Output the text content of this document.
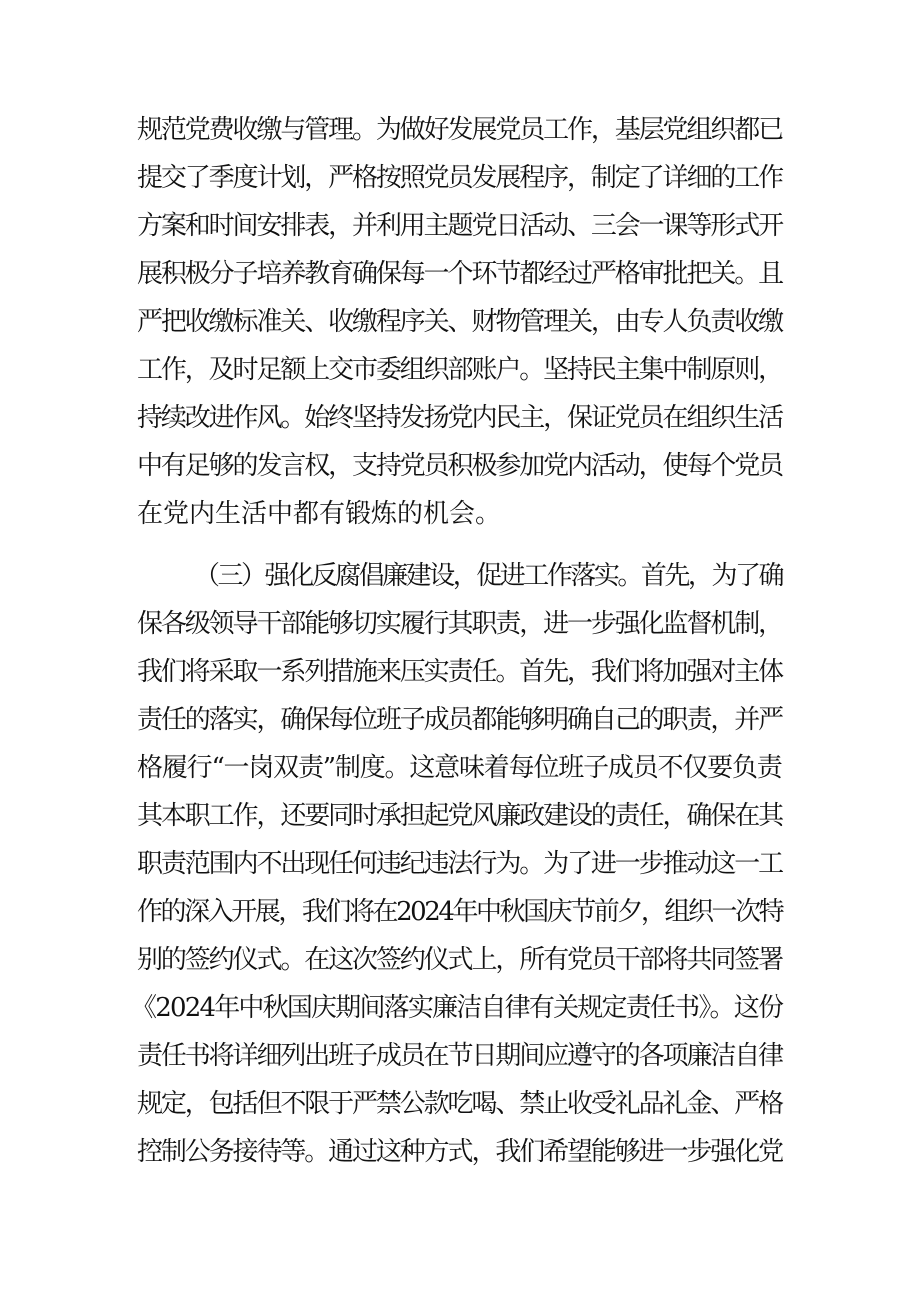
规范党费收缴与管理。为做好发展党员工作，基层党组织都已
提交了季度计划，严格按照党员发展程序，制定了详细的工作
方案和时间安排表，并利用主题党日活动、三会一课等形式开
展积极分子培养教育确保每一个环节都经过严格审批把关。且
严把收缴标准关、收缴程序关、财物管理关，由专人负责收缴
工作，及时足额上交市委组织部账户。坚持民主集中制原则，
持续改进作风。始终坚持发扬党内民主，保证党员在组织生活
中有足够的发言权，支持党员积极参加党内活动，使每个党员
在党内生活中都有锻炼的机会。
（三）强化反腐倡廉建设，促进工作落实。首先，为了确
保各级领导干部能够切实履行其职责，进一步强化监督机制，
我们将采取一系列措施来压实责任。首先，我们将加强对主体
责任的落实，确保每位班子成员都能够明确自己的职责，并严
格履行“一岗双责”制度。这意味着每位班子成员不仅要负责
其本职工作，还要同时承担起党风廉政建设的责任，确保在其
职责范围内不出现任何违纪违法行为。为了进一步推动这一工
作的深入开展，我们将在2024年中秋国庆节前夕，组织一次特
别的签约仪式。在这次签约仪式上，所有党员干部将共同签署
《2024年中秋国庆期间落实廉洁自律有关规定责任书》。这份
责任书将详细列出班子成员在节日期间应遵守的各项廉洁自律
规定，包括但不限于严禁公款吃喝、禁止收受礼品礼金、严格
控制公务接待等。通过这种方式，我们希望能够进一步强化党
